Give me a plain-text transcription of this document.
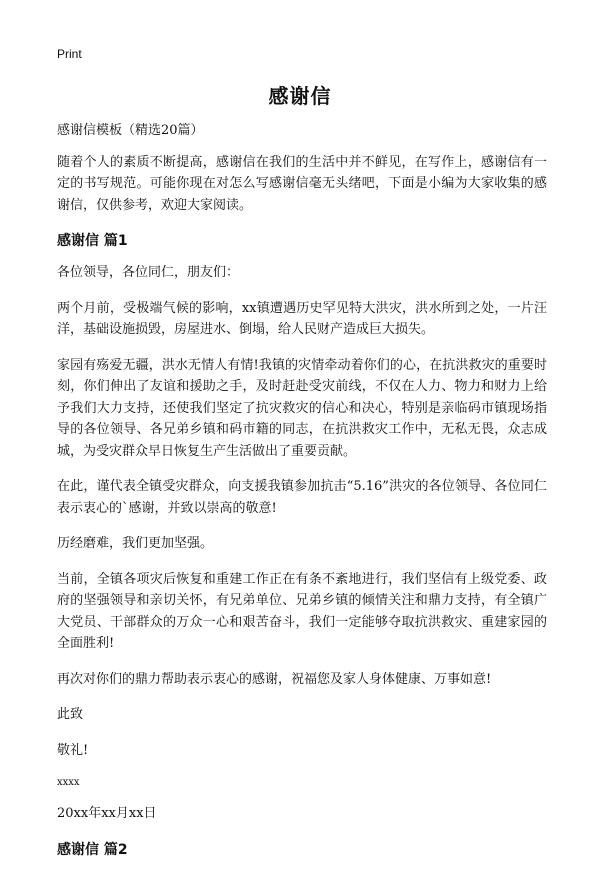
Print
感谢信

感谢信模板（精选20篇）

随着个人的素质不断提高，感谢信在我们的生活中并不鲜见，在写作上，感谢信有一定的书写规范。可能你现在对怎么写感谢信毫无头绪吧，下面是小编为大家收集的感谢信，仅供参考，欢迎大家阅读。

感谢信 篇1

各位领导，各位同仁，朋友们：

两个月前，受极端气候的影响，xx镇遭遇历史罕见特大洪灾，洪水所到之处，一片汪洋，基础设施损毁，房屋进水、倒塌，给人民财产造成巨大损失。

家园有殇爱无疆，洪水无情人有情!我镇的灾情牵动着你们的心，在抗洪救灾的重要时刻，你们伸出了友谊和援助之手，及时赶赴受灾前线，不仅在人力、物力和财力上给予我们大力支持，还使我们坚定了抗灾救灾的信心和决心，特别是亲临码市镇现场指导的各位领导、各兄弟乡镇和码市籍的同志，在抗洪救灾工作中，无私无畏，众志成城，为受灾群众早日恢复生产生活做出了重要贡献。

在此，谨代表全镇受灾群众，向支援我镇参加抗击“5.16”洪灾的各位领导、各位同仁表示衷心的`感谢，并致以崇高的敬意!

历经磨难，我们更加坚强。

当前，全镇各项灾后恢复和重建工作正在有条不紊地进行，我们坚信有上级党委、政府的坚强领导和亲切关怀，有兄弟单位、兄弟乡镇的倾情关注和鼎力支持，有全镇广大党员、干部群众的万众一心和艰苦奋斗，我们一定能够夺取抗洪救灾、重建家园的全面胜利!

再次对你们的鼎力帮助表示衷心的感谢，祝福您及家人身体健康、万事如意!

此致

敬礼!

xxxx

20xx年xx月xx日

感谢信 篇2
